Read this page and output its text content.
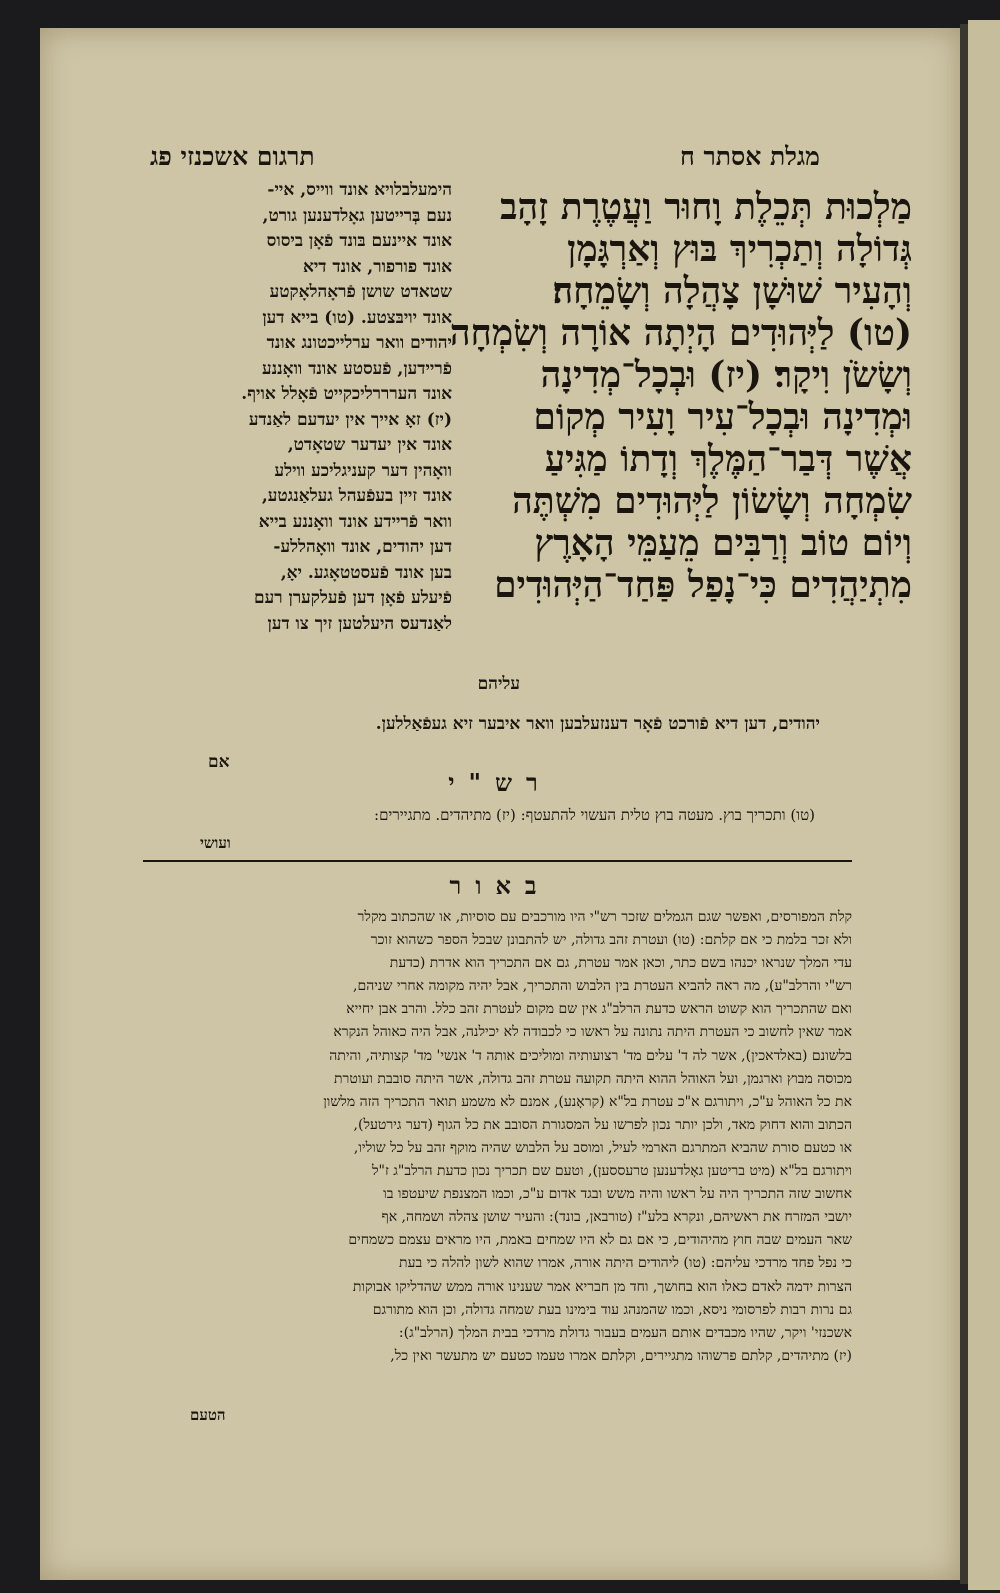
מגלת אסתר ח
תרגום אשכנזי פג
מַלְכוּת תְּכֵלֶת וָחוּר וַעֲטֶרֶת זָהָב
גְּדוֹלָה וְתַכְרִיךְ בּוּץ וְאַרְגָּמָן
וְהָעִיר שׁוּשָׁן צָהֲלָה וְשָׂמֵחָה׃
(טו) לַיְּהוּדִים הָיְתָה אוֹרָה וְשִׂמְחָה
וְשָׂשֹׂן וִיקָר׃ (יז) וּבְכָל־מְדִינָה
וּמְדִינָה וּבְכָל־עִיר וָעִיר מְקוֹם
אֲשֶׁר דְּבַר־הַמֶּלֶךְ וְדָתוֹ מַגִּיעַ
שִׂמְחָה וְשָׂשׂוֹן לַיְּהוּדִים מִשְׁתֶּה
וְיוֹם טוֹב וְרַבִּים מֵעַמֵּי הָאָרֶץ
מִתְיַהֲדִים כִּי־נָפַל פַּחַד־הַיְּהוּדִים
הימעלבלויא אונד ווייס, איי-
נעם בְּרייטען גאָלדענען גורט,
אונד איינעם בּונד פֿאָן ביסוס
אונד פורפור, אונד דיא
שטאדט שושן פֿראָהלאָקטע
אונד יויבּצטע. (טו) בייא דען
יהודים וואר ערלייכטונג אונד
פֿריידען, פֿעסטע אונד וואָננע
אונד הערררליכקייט פֿאָלל אויף.
(יז) זאָ אייך אין יעדעם לאַנדע
אונד אין יעדער שטאָדט,
וואָהין דער קעניגליכע ווילע
אונד זיין בעפֿעהל געלאַנגטע,
וואר פֿריידע אונד וואָננע בייא
דען יהודים, אונד וואָהללע-
בען אונד פֿעסטטאָגע. יאָ,
פֿיעלע פֿאָן דען פֿעלקערן רעם
לאַנדעס היעלטען זיך צו דען
עליהם
יהודים, דען דיא פֿורכט פֿאָר דענזעלבען וואר איבער זיא געפֿאַללען.
אם
רש"י
(טו) ותכריך בוץ. מעטה בוץ טלית העשוי להתעטף: (יז) מתיהדים. מתגיירים:
ועושי
באור
קלת המפורסים, ואפשר שגם הגמלים שזכר רש"י היו מורכבים עם סוסיות, או שהכתוב מקלר
ולא זכר בלמת כי אם קלתם: (טו) ועטרת זהב גדולה, יש להתבונן שבכל הספר כשהוא זוכר
עדי המלך שנראו יכנהו בשם כתר, וכאן אמר עטרת, גם אם התכריך הוא אדרת (כדעת
רש"י והרלב"ע), מה ראה להביא העטרת בין הלבוש והתכריך, אבל יהיה מקומה אחרי שניהם,
ואם שהתכריך הוא קשוט הראש כדעת הרלב"ג אין שם מקום לעטרת זהב כלל. והרב אבן יחייא
אמר שאין לחשוב כי העטרת היתה נתונה על ראשו כי לכבודה לא יכילנה, אבל היה כאוהל הנקרא
בלשונם (באלדאכין), אשר לה ד' עלים מד' רצועותיה ומוליכים אותה ד' אנשי' מד' קצותיה, והיתה
מכוסה מבוץ וארגמן, ועל האוהל ההוא היתה תקועה עטרת זהב גדולה, אשר היתה סובבת ועוטרת
את כל האוהל ע"כ, ויתורגם א"כ עטרת בל"א (קראָנע), אמנם לא משמע תואר התכריך הזה מלשון
הכתוב והוא דחוק מאד, ולכן יותר נכון לפרשו על המסגורת הסובב את כל הגוף (דער גירטעל),
או כטעם סורת שהביא המתרגם הארמי לעיל, ומוסב על הלבוש שהיה מוקף זהב על כל שוליו,
ויתורגם בל"א (מיט בריטען גאָלדענען טרעססען), וטעם שם תכריך נכון כדעת הרלב"ג ז"ל
אחשוב שזה התכריך היה על ראשו והיה משש ובגד אדום ע"כ, וכמו המצנפת שיעטפו בו
יושבי המזרח את ראשיהם, ונקרא בלע"ז (טורבאן, בונד): והעיר שושן צהלה ושמחה, אף
שאר העמים שבה חוץ מהיהודים, כי אם גם לא היו שמחים באמת, היו מראים עצמם כשמחים
כי נפל פחד מרדכי עליהם: (טו) ליהודים היתה אורה, אמרו שהוא לשון להלה כי בעת
הצרות ידמה לאדם כאלו הוא בחושך, וחד מן חבריא אמר שענינו אורה ממש שהדליקו אבוקות
גם נרות רבות לפרסומי ניסא, וכמו שהמנהג עוד בימינו בעת שמחה גדולה, וכן הוא מתורגם
אשכנזי' ויקר, שהיו מכבדים אותם העמים בעבור גדולת מרדכי בבית המלך (הרלב"ג):
(יז) מתיהדים, קלתם פרשוהו מתגיירים, וקלתם אמרו טעמו כטעם יש מתעשר ואין כל,
הטעם
